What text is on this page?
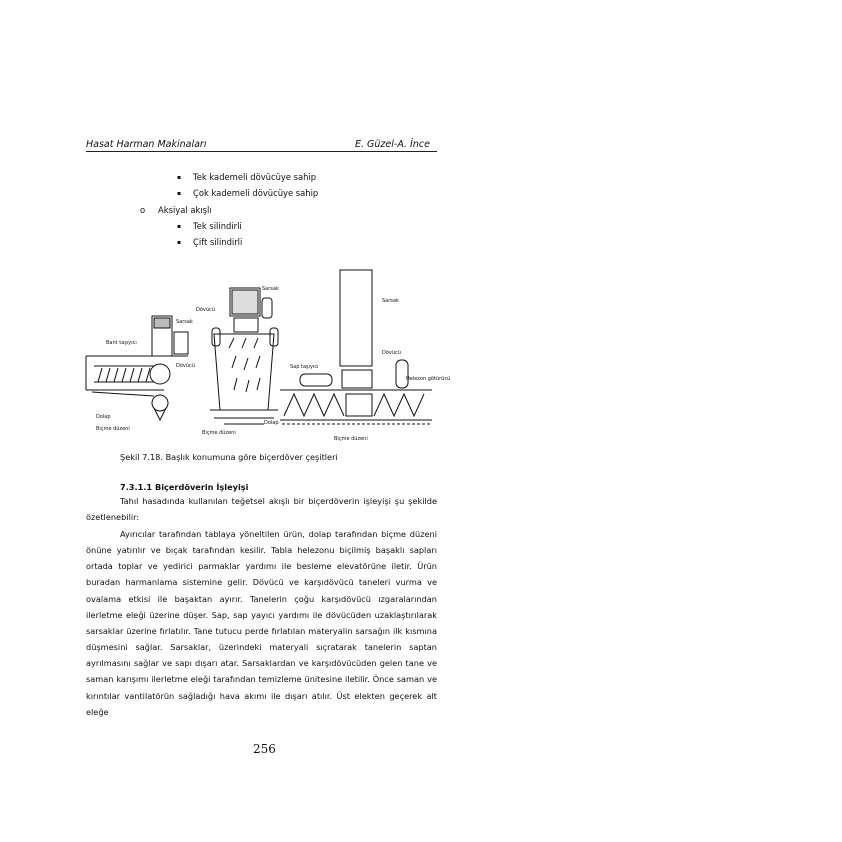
Hasat Harman Makinaları	E. Güzel-A. İnce
▪ Tek kademeli dövücüye sahip
▪ Çok kademeli dövücüye sahip
o Aksiyal akışlı
▪ Tek silindirli
▪ Çift silindirli
Bant taşıyıcı
Sarsak
Dövücü
Dolap
Biçme düzeni
Dövücü
Sarsak
Sap taşıyıcı
Dolap
Biçme düzeni
Sarsak
Dövücü
Helezon götürücü
Biçme düzeni
Şekil 7.18. Başlık konumuna göre biçerdöver çeşitleri
7.3.1.1 Biçerdöverin İşleyişi
Tahıl hasadında kullanılan teğetsel akışlı bir biçerdöverin işleyişi şu şekilde özetlenebilir:
Ayırıcılar tarafından tablaya yöneltilen ürün, dolap tarafından biçme düzeni önüne yatırılır ve bıçak tarafından kesilir. Tabla helezonu biçilmiş başaklı sapları ortada toplar ve yedirici parmaklar yardımı ile besleme elevatörüne iletir. Ürün buradan harmanlama sistemine gelir. Dövücü ve karşıdövücü taneleri vurma ve ovalama etkisi ile başaktan ayırır. Tanelerin çoğu karşıdövücü ızgaralarından ilerletme eleği üzerine düşer. Sap, sap yayıcı yardımı ile dövücüden uzaklaştırılarak sarsaklar üzerine fırlatılır. Tane tutucu perde fırlatılan materyalin sarsağın ilk kısmına düşmesini sağlar. Sarsaklar, üzerindeki materyali sıçratarak tanelerin saptan ayrılmasını sağlar ve sapı dışarı atar. Sarsaklardan ve karşıdövücüden gelen tane ve saman karışımı ilerletme eleği tarafından temizleme ünitesine iletilir. Önce saman ve kırıntılar vantilatörün sağladığı hava akımı ile dışarı atılır. Üst elekten geçerek alt eleğe
256
